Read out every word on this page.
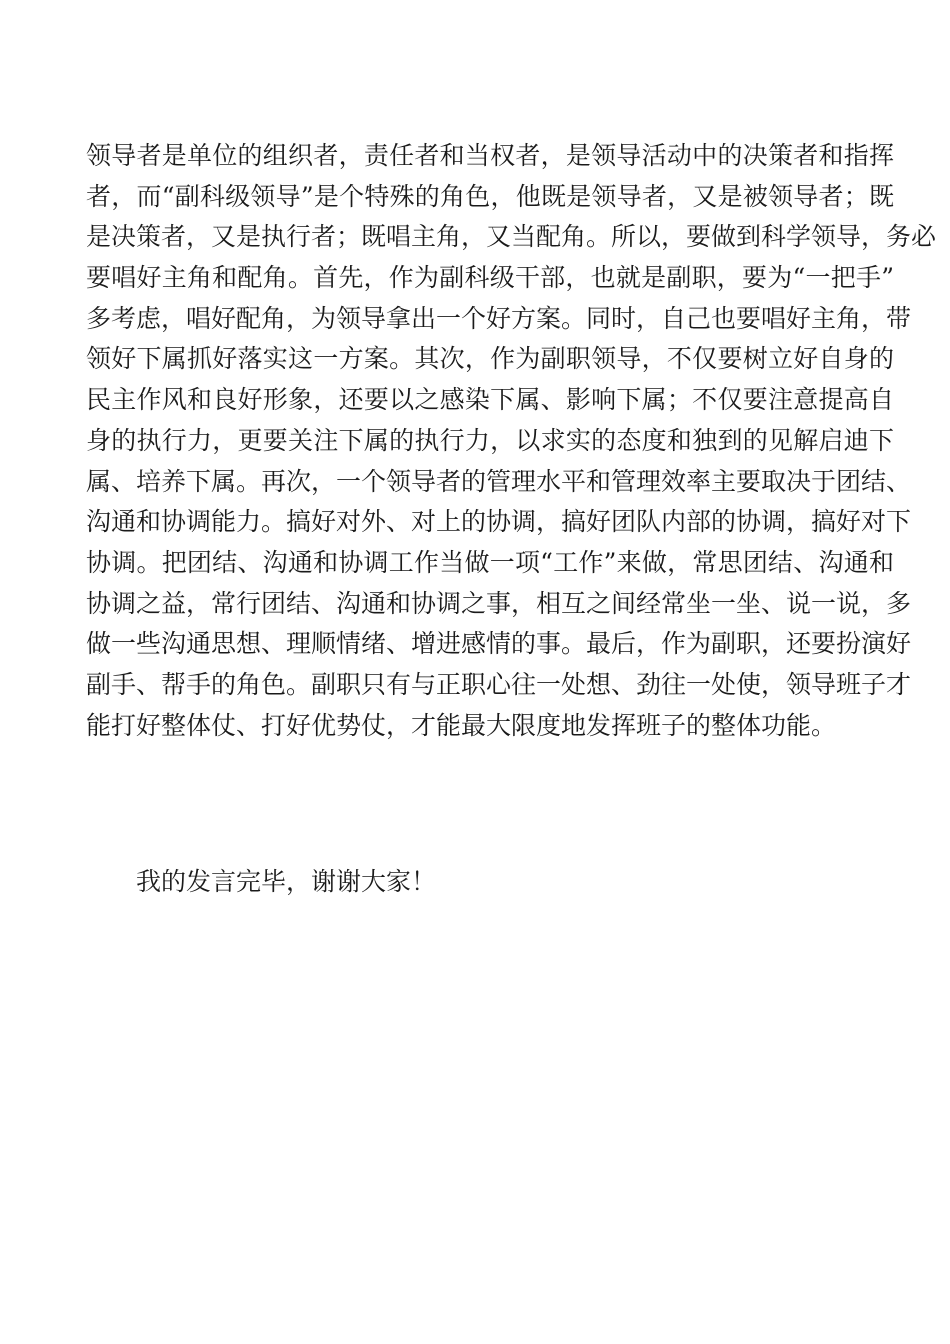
领导者是单位的组织者，责任者和当权者，是领导活动中的决策者和指挥
者，而“副科级领导”是个特殊的角色，他既是领导者，又是被领导者；既
是决策者，又是执行者；既唱主角，又当配角。所以，要做到科学领导，务必
要唱好主角和配角。首先，作为副科级干部，也就是副职，要为“一把手”
多考虑，唱好配角，为领导拿出一个好方案。同时，自己也要唱好主角，带
领好下属抓好落实这一方案。其次，作为副职领导，不仅要树立好自身的
民主作风和良好形象，还要以之感染下属、影响下属；不仅要注意提高自
身的执行力，更要关注下属的执行力，以求实的态度和独到的见解启迪下
属、培养下属。再次，一个领导者的管理水平和管理效率主要取决于团结、
沟通和协调能力。搞好对外、对上的协调，搞好团队内部的协调，搞好对下
协调。把团结、沟通和协调工作当做一项“工作”来做，常思团结、沟通和
协调之益，常行团结、沟通和协调之事，相互之间经常坐一坐、说一说，多
做一些沟通思想、理顺情绪、增进感情的事。最后，作为副职，还要扮演好
副手、帮手的角色。副职只有与正职心往一处想、劲往一处使，领导班子才
能打好整体仗、打好优势仗，才能最大限度地发挥班子的整体功能。
我的发言完毕，谢谢大家！
